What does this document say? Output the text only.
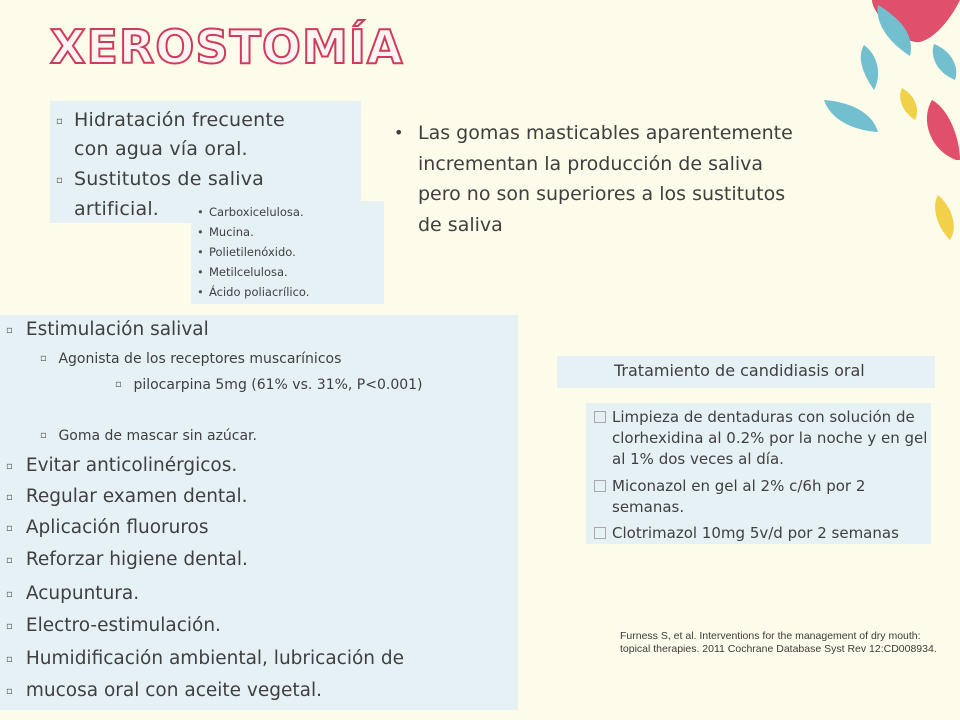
XEROSTOMÍA
▫ Hidratación frecuente
con agua vía oral.
▫ Sustitutos de saliva
artificial.
•	Carboxicelulosa.
• Mucina.
• Polietilenóxido.
• Metilcelulosa.
• Ácido poliacrílico.
• Las gomas masticables aparentemente incrementan la producción de saliva pero no son superiores a los sustitutos de saliva
▫ Estimulación salival
▫ Agonista de los receptores muscarínicos
▫ pilocarpina 5mg (61% vs. 31%, P<0.001)
▫ Goma de mascar sin azúcar.
▫ Evitar anticolinérgicos.
▫ Regular examen dental.
▫ Aplicación fluoruros
▫ Reforzar higiene dental.
▫ Acupuntura.
▫ Electro-estimulación.
▫ Humidificación ambiental, lubricación de
▫ mucosa oral con aceite vegetal.
Tratamiento de candidiasis oral
Limpieza de dentaduras con solución de clorhexidina al 0.2% por la noche y en gel al 1% dos veces al día.
Miconazol en gel al 2% c/6h por 2 semanas.
Clotrimazol 10mg 5v/d por 2 semanas
Furness S, et al. Interventions for the management of dry mouth:
topical therapies. 2011 Cochrane Database Syst Rev 12:CD008934.
